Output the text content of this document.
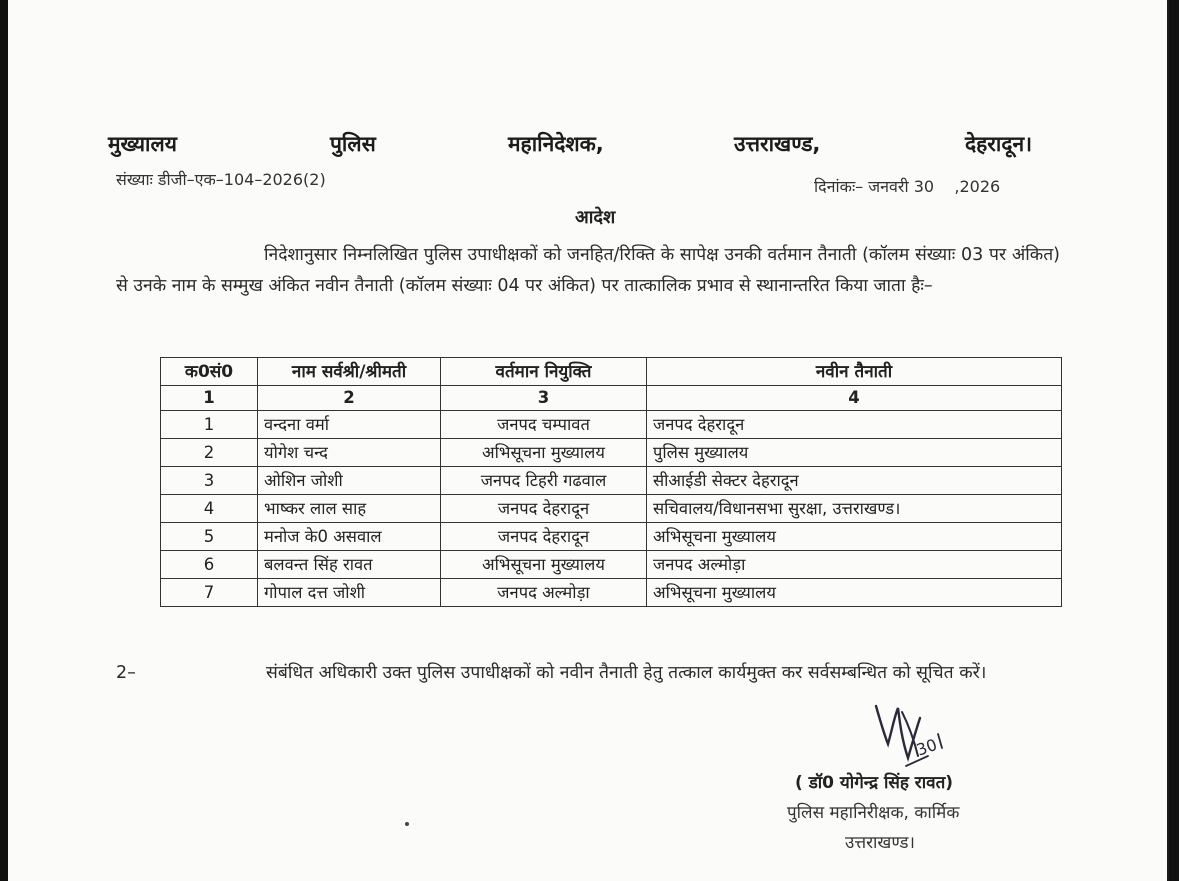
मुख्यालय	पुलिस	महानिदेशक,	उत्तराखण्ड,	देहरादून।
संख्याः डीजी–एक–104–2026(2)	दिनांकः– जनवरी 30    ,2026
आदेश
निदेशानुसार निम्नलिखित पुलिस उपाधीक्षकों को जनहित/रिक्ति के सापेक्ष उनकी वर्तमान तैनाती (कॉलम संख्याः 03 पर अंकित) से उनके नाम के सम्मुख अंकित नवीन तैनाती (कॉलम संख्याः 04 पर अंकित) पर तात्कालिक प्रभाव से स्थानान्तरित किया जाता हैः–
क0सं0	नाम सर्वश्री/श्रीमती	वर्तमान नियुक्ति	नवीन तैनाती
1	2	3	4
1	वन्दना वर्मा	जनपद चम्पावत	जनपद देहरादून
2	योगेश चन्द	अभिसूचना मुख्यालय	पुलिस मुख्यालय
3	ओशिन जोशी	जनपद टिहरी गढवाल	सीआईडी सेक्टर देहरादून
4	भाष्कर लाल साह	जनपद देहरादून	सचिवालय/विधानसभा सुरक्षा, उत्तराखण्ड।
5	मनोज के0 असवाल	जनपद देहरादून	अभिसूचना मुख्यालय
6	बलवन्त सिंह रावत	अभिसूचना मुख्यालय	जनपद अल्मोड़ा
7	गोपाल दत्त जोशी	जनपद अल्मोड़ा	अभिसूचना मुख्यालय
2–	संबंधित अधिकारी उक्त पुलिस उपाधीक्षकों को नवीन तैनाती हेतु तत्काल कार्यमुक्त कर सर्वसम्बन्धित को सूचित करें।
30
( डॉ0 योगेन्द्र सिंह रावत)
पुलिस महानिरीक्षक, कार्मिक
उत्तराखण्ड।
